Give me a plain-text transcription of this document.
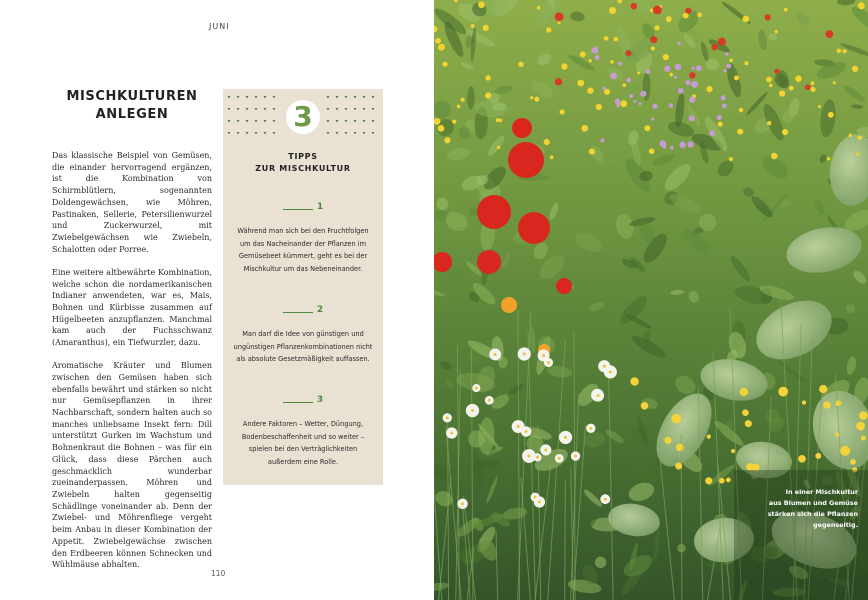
JUNI
MISCHKULTUREN
ANLEGEN

Das klassische Beispiel von Gemüsen, die einander hervorragend ergänzen, ist die Kombination von Schirmblütlern, sogenannten Doldengewächsen, wie Möhren, Pastinaken, Sellerie, Petersilienwurzel und Zuckerwurzel, mit Zwiebelgewächsen wie Zwiebeln, Schalotten oder Porree.

Eine weitere altbewährte Kombination, welche schon die nordamerikanischen Indianer anwendeten, war es, Mais, Bohnen und Kürbisse zusammen auf Hügelbeeten anzupflanzen. Manchmal kam auch der Fuchsschwanz (Amaranthus), ein Tiefwurzler, dazu.

Aromatische Kräuter und Blumen zwischen den Gemüsen haben sich ebenfalls bewährt und stärken so nicht nur Gemüsepflanzen in ihrer Nachbarschaft, sondern halten auch so manches unliebsame Insekt fern: Dill unterstützt Gurken im Wachstum und Bohnenkraut die Bohnen – was für ein Glück, dass diese Pärchen auch geschmacklich wunderbar zueinanderpassen. Möhren und Zwiebeln halten gegenseitig Schädlinge voneinander ab. Denn der Zwiebel- und Möhrenfliege vergeht beim Anbau in dieser Kombination der Appetit. Zwiebelgewächse zwischen den Erdbeeren können Schnecken und Wühlmäuse abhalten.

3
TIPPS
ZUR MISCHKULTUR
1
Während man sich bei den Fruchtfolgen um das Nacheinander der Pflanzen im Gemüsebeet kümmert, geht es bei der Mischkultur um das Nebeneinander.
2
Man darf die Idee von günstigen und ungünstigen Pflanzenkombinationen nicht als absolute Gesetzmäßigkeit auffassen.
3
Andere Faktoren – Wetter, Düngung, Bodenbeschaffenheit und so weiter – spielen bei den Verträglichkeiten außerdem eine Rolle.
110
In einer Mischkultur
aus Blumen und Gemüse
stärken sich die Pflanzen
gegenseitig.
